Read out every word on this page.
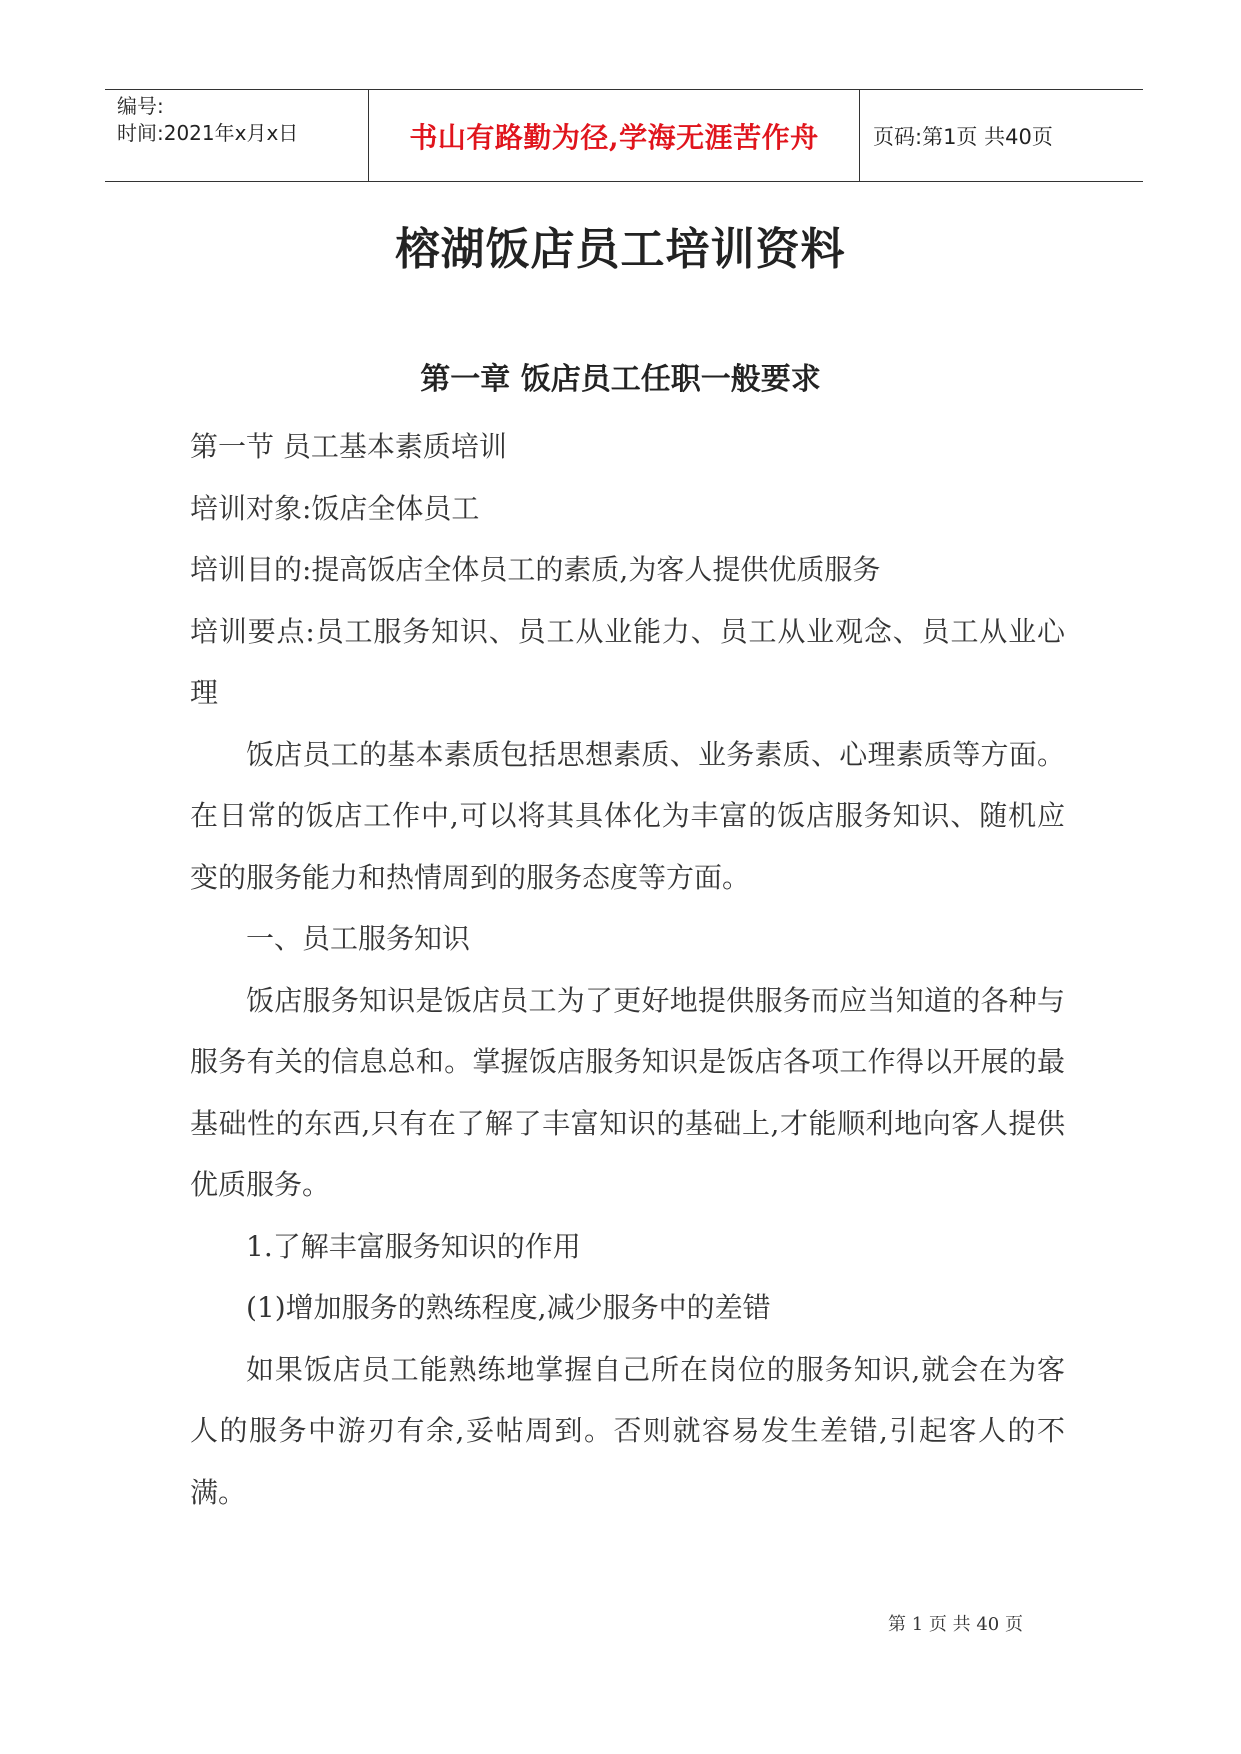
编号:
时间:2021年x月x日	书山有路勤为径,学海无涯苦作舟	页码:第1页 共40页
榕湖饭店员工培训资料
第一章 饭店员工任职一般要求

第一节 员工基本素质培训

培训对象:饭店全体员工

培训目的:提高饭店全体员工的素质,为客人提供优质服务

培训要点:员工服务知识、员工从业能力、员工从业观念、员工从业心理

饭店员工的基本素质包括思想素质、业务素质、心理素质等方面。在日常的饭店工作中,可以将其具体化为丰富的饭店服务知识、随机应变的服务能力和热情周到的服务态度等方面。

一、员工服务知识

饭店服务知识是饭店员工为了更好地提供服务而应当知道的各种与服务有关的信息总和。掌握饭店服务知识是饭店各项工作得以开展的最基础性的东西,只有在了解了丰富知识的基础上,才能顺利地向客人提供优质服务。

1.了解丰富服务知识的作用

(1)增加服务的熟练程度,减少服务中的差错

如果饭店员工能熟练地掌握自己所在岗位的服务知识,就会在为客人的服务中游刃有余,妥帖周到。否则就容易发生差错,引起客人的不满。

第 1 页 共 40 页
